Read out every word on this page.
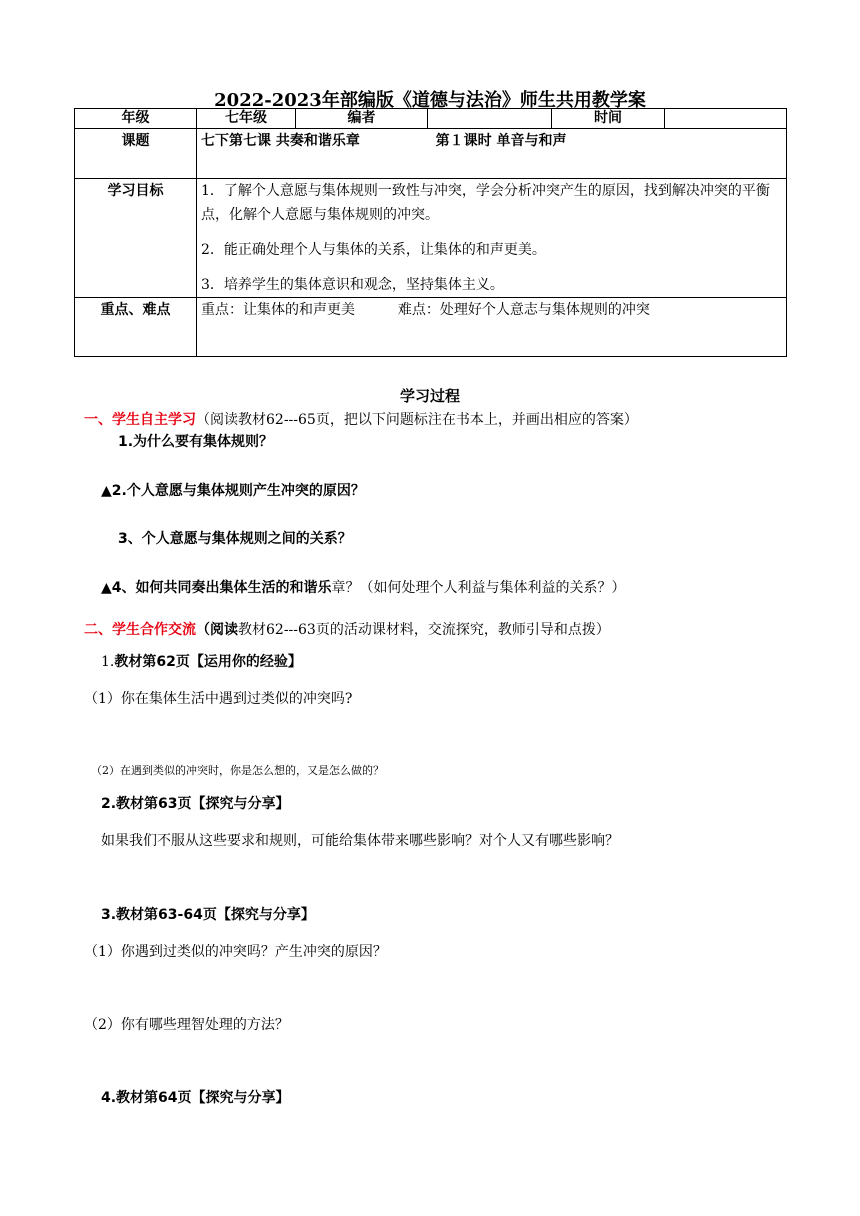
2022-2023年部编版《道德与法治》师生共用教学案
年级	七年级	编者		时间	
课题	七下第七课 共奏和谐乐章 第１课时 单音与和声				
学习目标	1．了解个人意愿与集体规则一致性与冲突，学会分析冲突产生的原因，找到解决冲突的平衡点，化解个人意愿与集体规则的冲突。

2．能正确处理个人与集体的关系，让集体的和声更美。

3．培养学生的集体意识和观念，坚持集体主义。				

重点、难点	重点：让集体的和声更美 难点：处理好个人意志与集体规则的冲突				
学习过程
一、学生自主学习（阅读教材62---65页，把以下问题标注在书本上，并画出相应的答案）
1.为什么要有集体规则？
▲2.个人意愿与集体规则产生冲突的原因？
3、个人意愿与集体规则之间的关系？
▲4、如何共同奏出集体生活的和谐乐章？（如何处理个人利益与集体利益的关系？）
二、学生合作交流（阅读教材62---63页的活动课材料，交流探究，教师引导和点拨）
1.教材第62页【运用你的经验】
（1）你在集体生活中遇到过类似的冲突吗?
（2）在遇到类似的冲突时，你是怎么想的，又是怎么做的？
2.教材第63页【探究与分享】
如果我们不服从这些要求和规则，可能给集体带来哪些影响？对个人又有哪些影响？
3.教材第63-64页【探究与分享】
（1）你遇到过类似的冲突吗？产生冲突的原因？
（2）你有哪些理智处理的方法？
4.教材第64页【探究与分享】
